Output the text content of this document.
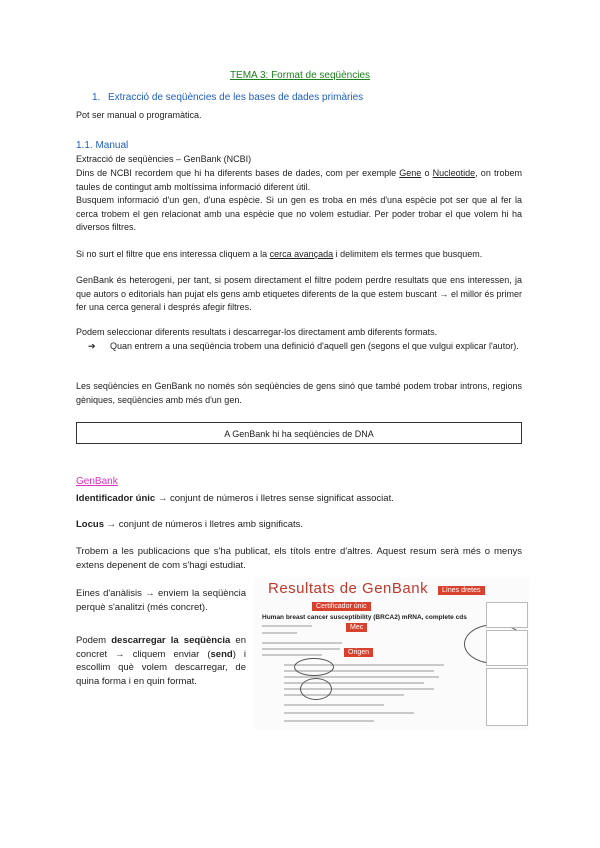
TEMA 3: Format de seqüències
1. Extracció de seqüències de les bases de dades primàries
Pot ser manual o programàtica.
1.1. Manual
Extracció de seqüències – GenBank (NCBI)
Dins de NCBI recordem que hi ha diferents bases de dades, com per exemple Gene o Nucleotide, on trobem taules de contingut amb moltíssima informació diferent útil.
Busquem informació d'un gen, d'una espècie. Si un gen es troba en més d'una espècie pot ser que al fer la cerca trobem el gen relacionat amb una espècie que no volem estudiar. Per poder trobar el que volem hi ha diversos filtres.
Si no surt el filtre que ens interessa cliquem a la cerca avançada i delimitem els termes que busquem.
GenBank és heterogeni, per tant, si posem directament el filtre podem perdre resultats que ens interessen, ja que autors o editorials han pujat els gens amb etiquetes diferents de la que estem buscant → el millor és primer fer una cerca general i després afegir filtres.
Podem seleccionar diferents resultats i descarregar-los directament amb diferents formats.
➔ Quan entrem a una seqüència trobem una definició d'aquell gen (segons el que vulgui explicar l'autor).
Les seqüències en GenBank no només són seqüències de gens sinó que també podem trobar introns, regions gèniques, seqüències amb més d'un gen.
A GenBank hi ha seqüències de DNA
GenBank
Identificador únic → conjunt de números i lletres sense significat associat.
Locus → conjunt de números i lletres amb significats.
Trobem a les publicacions que s'ha publicat, els títols entre d'altres. Aquest resum serà més o menys extens depenent de com s'hagi estudiat.
Eines d'anàlisis → enviem la seqüència perquè s'analitzi (més concret).
Podem descarregar la seqüència en concret → cliquem enviar (send) i escollim què volem descarregar, de quina forma i en quin format.
Resultats de GenBank	Línes dretes
Certificador únic
Human breast cancer susceptibility (BRCA2) mRNA, complete cds
Mec
Origen
